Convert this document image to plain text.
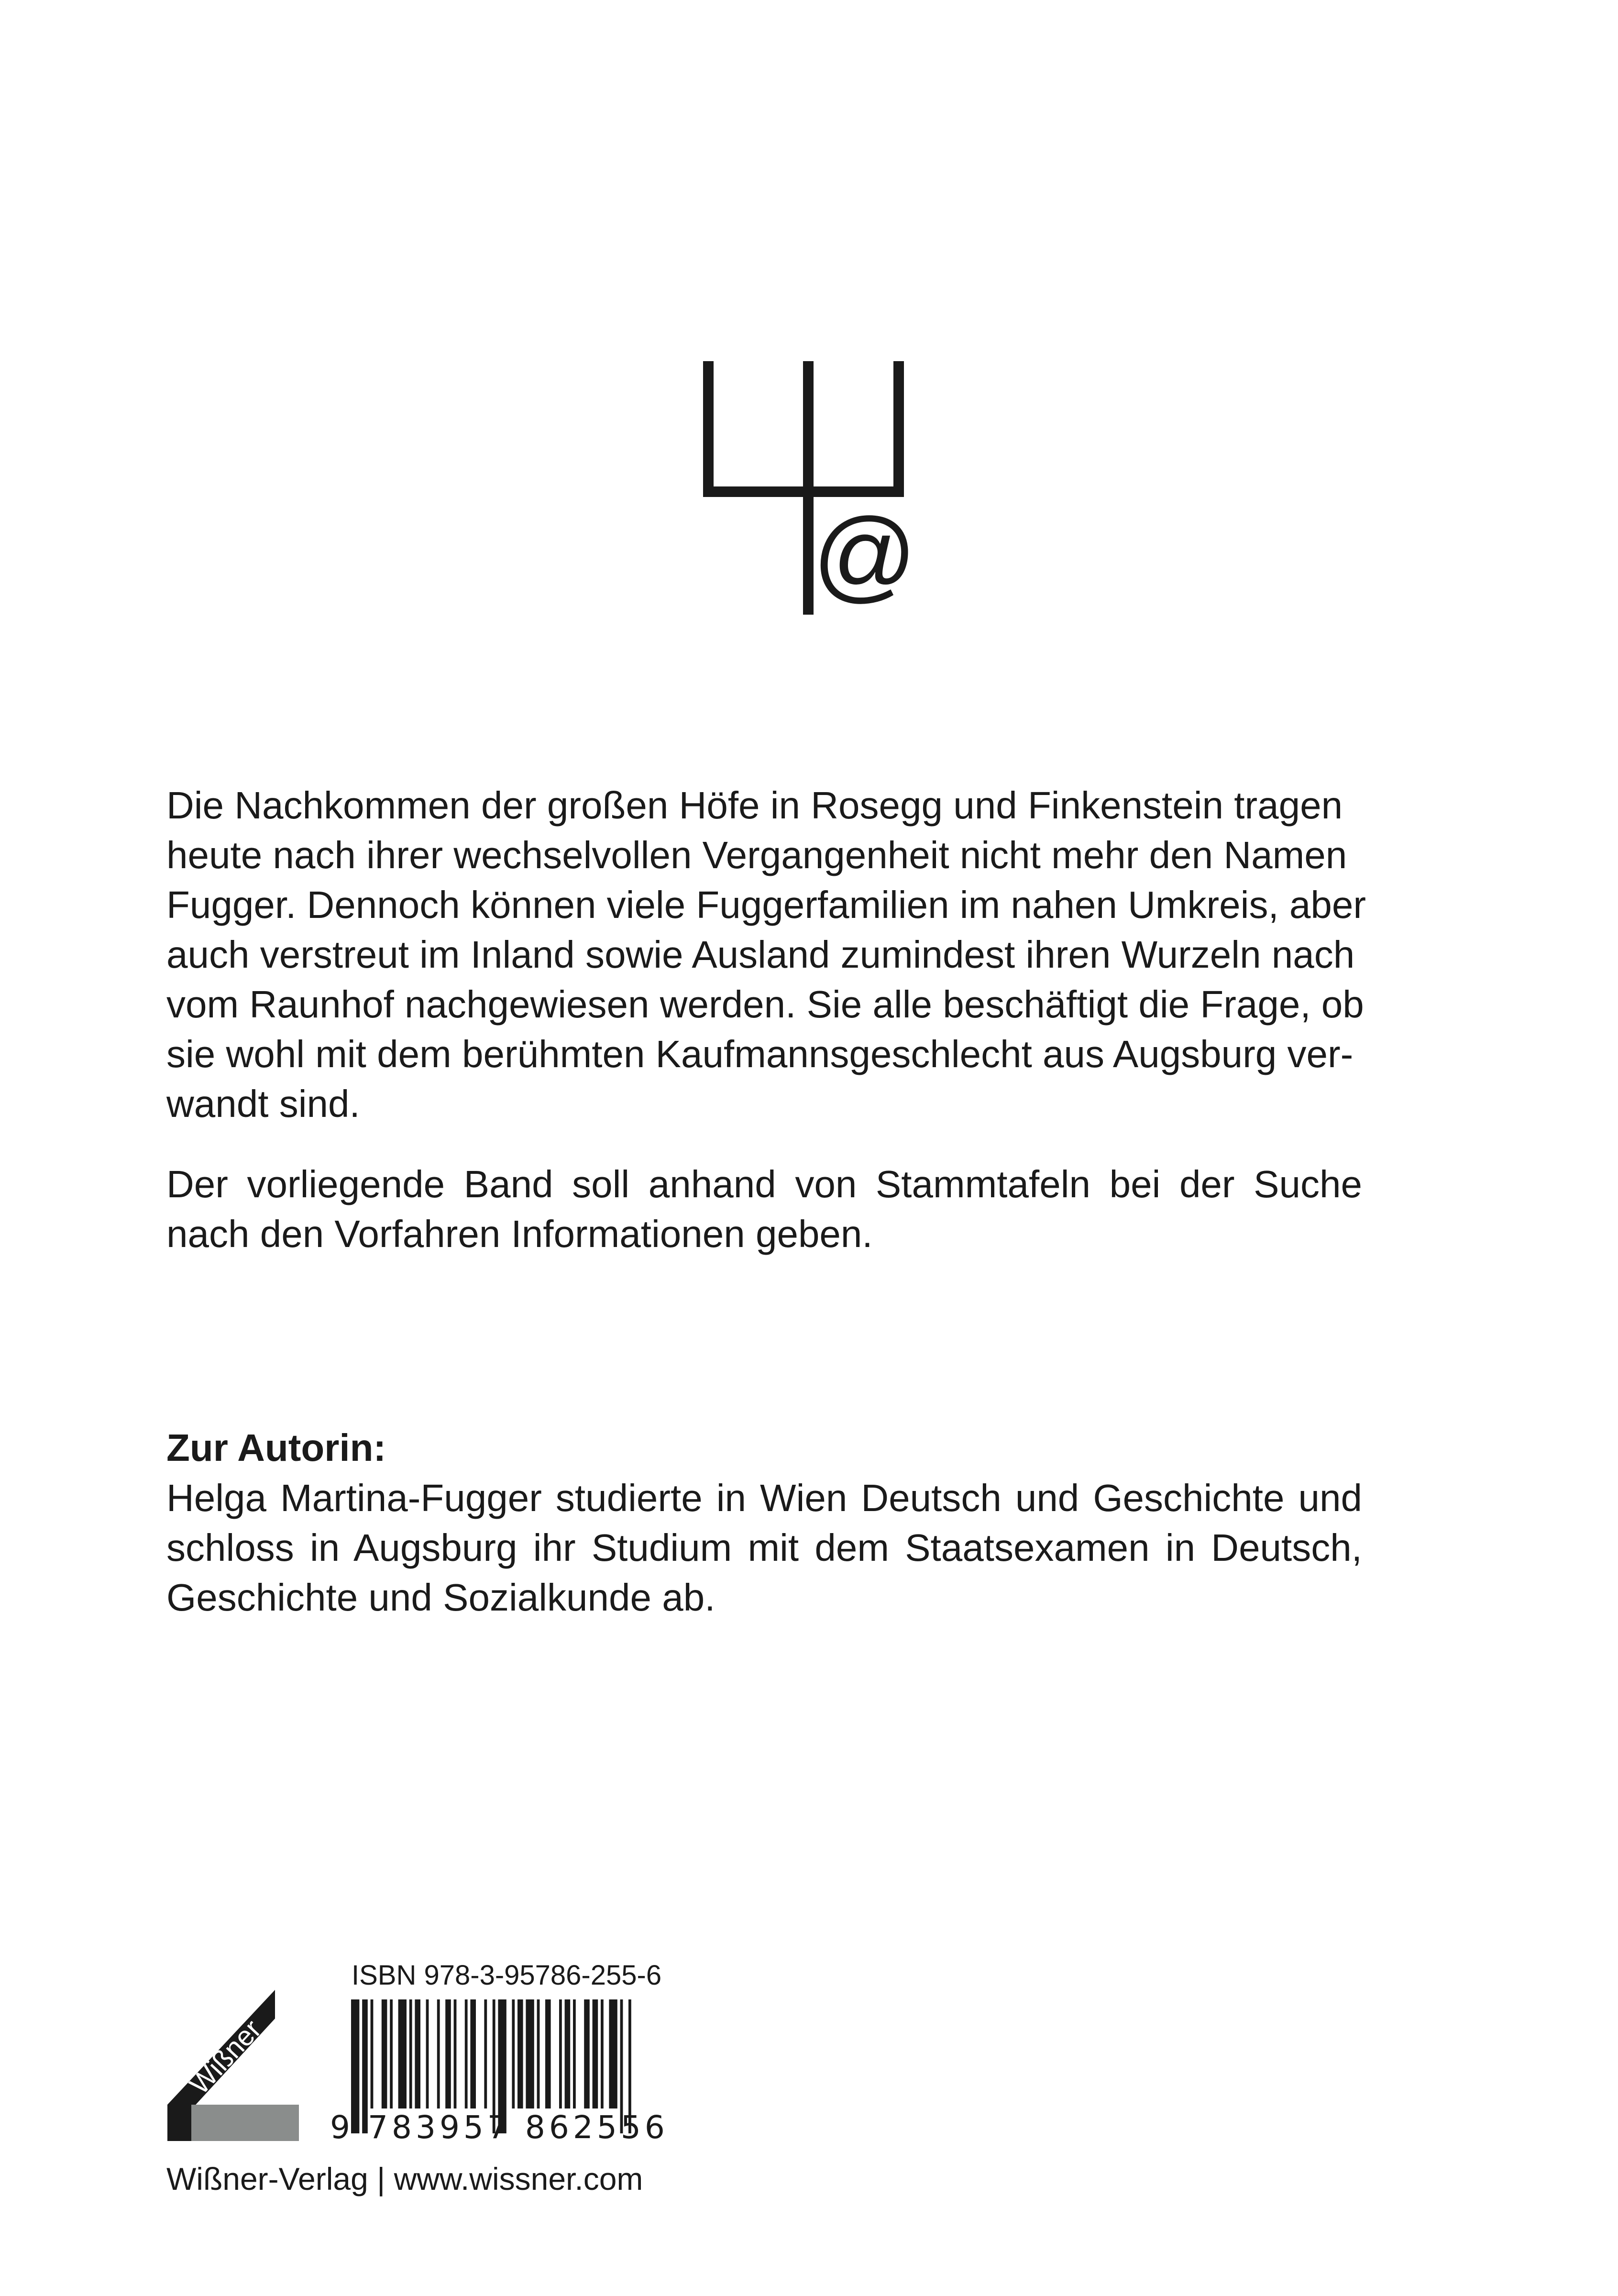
@
Die Nachkommen der großen Höfe in Rosegg und Finkenstein tragen
heute nach ihrer wechselvollen Vergangenheit nicht mehr den Namen
Fugger. Dennoch können viele Fuggerfamilien im nahen Umkreis, aber
auch verstreut im Inland sowie Ausland zumindest ihren Wurzeln nach
vom Raunhof nachgewiesen werden. Sie alle beschäftigt die Frage, ob
sie wohl mit dem berühmten Kaufmannsgeschlecht aus Augsburg ver-
wandt sind.

Der vorliegende Band soll anhand von Stammtafeln bei der Suche nach den Vorfahren Informationen geben.

Zur Autorin:

Helga Martina-Fugger studierte in Wien Deutsch und Geschichte und schloss in Augsburg ihr Studium mit dem Staatsexamen in Deutsch, Geschichte und Sozialkunde ab.

Wißner
ISBN 978-3-95786-255-6
9 783957 862556
Wißner-Verlag | www.wissner.com
